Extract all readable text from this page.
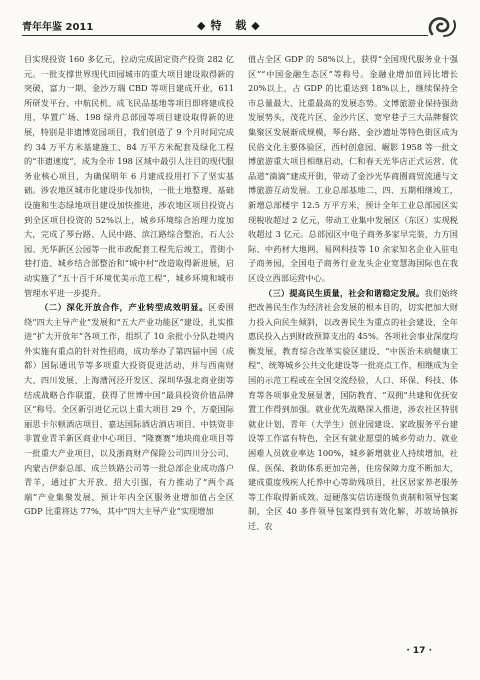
青年年鉴 2011	◆特 载◆

目实现投资 160 多亿元，拉动完成固定资产投资 282 亿元。一批支撑世界现代田园城市的重大项目建设取得新的突破，富力一期、金沙万瑞 CBD 等项目建成开业，611 所研发平台、中航民机、成飞民品基地等项目即将建成投用，华置广场、198 绿舟总部园等项目建设取得新的进展，特别是非遗博览园项目，我们创造了 9 个月时间完成约 34 万平方米基建施工、84 万平方米配套及绿化工程的“非遗速度”，成为全市 198 区域中最引人注目的现代服务业核心项目，为确保明年 6 月建成投用打下了坚实基础。涉农地区城市化建设步伐加快，一批土地整理、基础设施和生态绿地项目建设加快推进，涉农地区项目投资占到全区项目投资的 52%以上，城乡环境综合治理力度加大，完成了琴台路、人民中路、滨江路综合整治，石人公园、光华新区公园等一批市政配套工程先后竣工，青街小巷打造、城乡结合部整治和“城中村”改造取得新进展，启动实施了“五十百千环境优美示范工程”，城乡环境和城市管理水平进一步提升。

（二）深化开放合作，产业转型成效明显。区委围绕“四大主导产业”发展和“五大产业功能区”建设，扎实推进“扩大开放年”各项工作，组织了 10 余批小分队赴境内外实施有重点的针对性招商，成功举办了第四届中国（成都）国际通讯节等多项重大投资促进活动，并与西南财大、四川发展、上海漕河泾开发区、深圳华强北商业街等结成战略合作联盟，获得了世博中国“最具投资价值品牌区”称号。全区新引进亿元以上重大项目 29 个，万豪国际丽思卡尔顿酒店项目、嘉达国际酒店酒店项目、中铁资非非置业青羊新区商业中心项目、“隆赛赛”地块商业项目等一批重大产业项目，以及浙商财产保险公司四川分公司、内蒙古伊泰总部、成兰铁路公司等一批总部企业成功落户青羊，通过扩大开放、招大引强，有力推动了“两个高端”产业集聚发展，预计年内全区服务业增加值占全区 GDP 比重将达 77%，其中“四大主导产业”实现增加

值占全区 GDP 的 58%以上，获得“全国现代服务业十强区”“中国金融生态区”等称号。金融业增加值同比增长 20%以上，占 GDP 的比重达到 18%以上，继续保持全市总量最大、比重最高的发展态势。文博旅游业保持强劲发展势头，茂花片区、金沙片区、宽窄巷子三大品牌餐饮集聚区发展渐成规模，琴台路、金沙遗址等特色街区成为民俗文化主要体验区，西村创意园、崛影 1958 等一批文博旅游重大项目相继启动，仁和春天光华店正式运营、优品道“滴滴”建成开街，带动了金沙光华商圈商贸流通与文博旅游互动发展。工业总部基地二、四、五期相继竣工，新增总部楼宇 12.5 万平方米，预计全年工业总部园区实现税收超过 2 亿元，带动工业集中发展区（东区）实现税收超过 3 亿元。总部园区中电子商务多家早完装，力方国际、中药材大地网、易网科技等 10 余家知名企业入驻电子商务园，全国电子商务行业龙头企业宽慧海国际也在我区设立西部运营中心。

（三）提高民生质量，社会和谐稳定发展。我们始终把改善民生作为经济社会发展的根本目的，切实把加大财力投入向民生倾斜，以改善民生为重点的社会建设，全年惠民投入占到财政预算支出的 45%。各项社会事业深度均衡发展，教育综合改革实验区建设、“中医治未病健康工程”、统筹城乡公共文化建设等一批亮点工作，相继成为全国的示范工程或在全国交流经验，人口、环保、科技、体育等各项事业发展显著，国防教育、“双拥”共建和优抚安置工作得到加强。就业优先战略深入推进，涉农社区特别就业计划、青年（大学生）创业园建设、家政服务平台建设等工作富有特色，全区有就业愿望的城乡劳动力、就业困难人员就业率达 100%，城乡新增就业人持续增加，社保、医保、救助体系更加完善，住房保障力度不断加大，建成重度残疾人托养中心等助残项目，社区居家养老服务等工作取得新成效。逗硬落实信访逐级负责制和领导包案制，全区 40 多件领导包案得到有效化解，苏坡场镇拆迁、农

· 17 ·
